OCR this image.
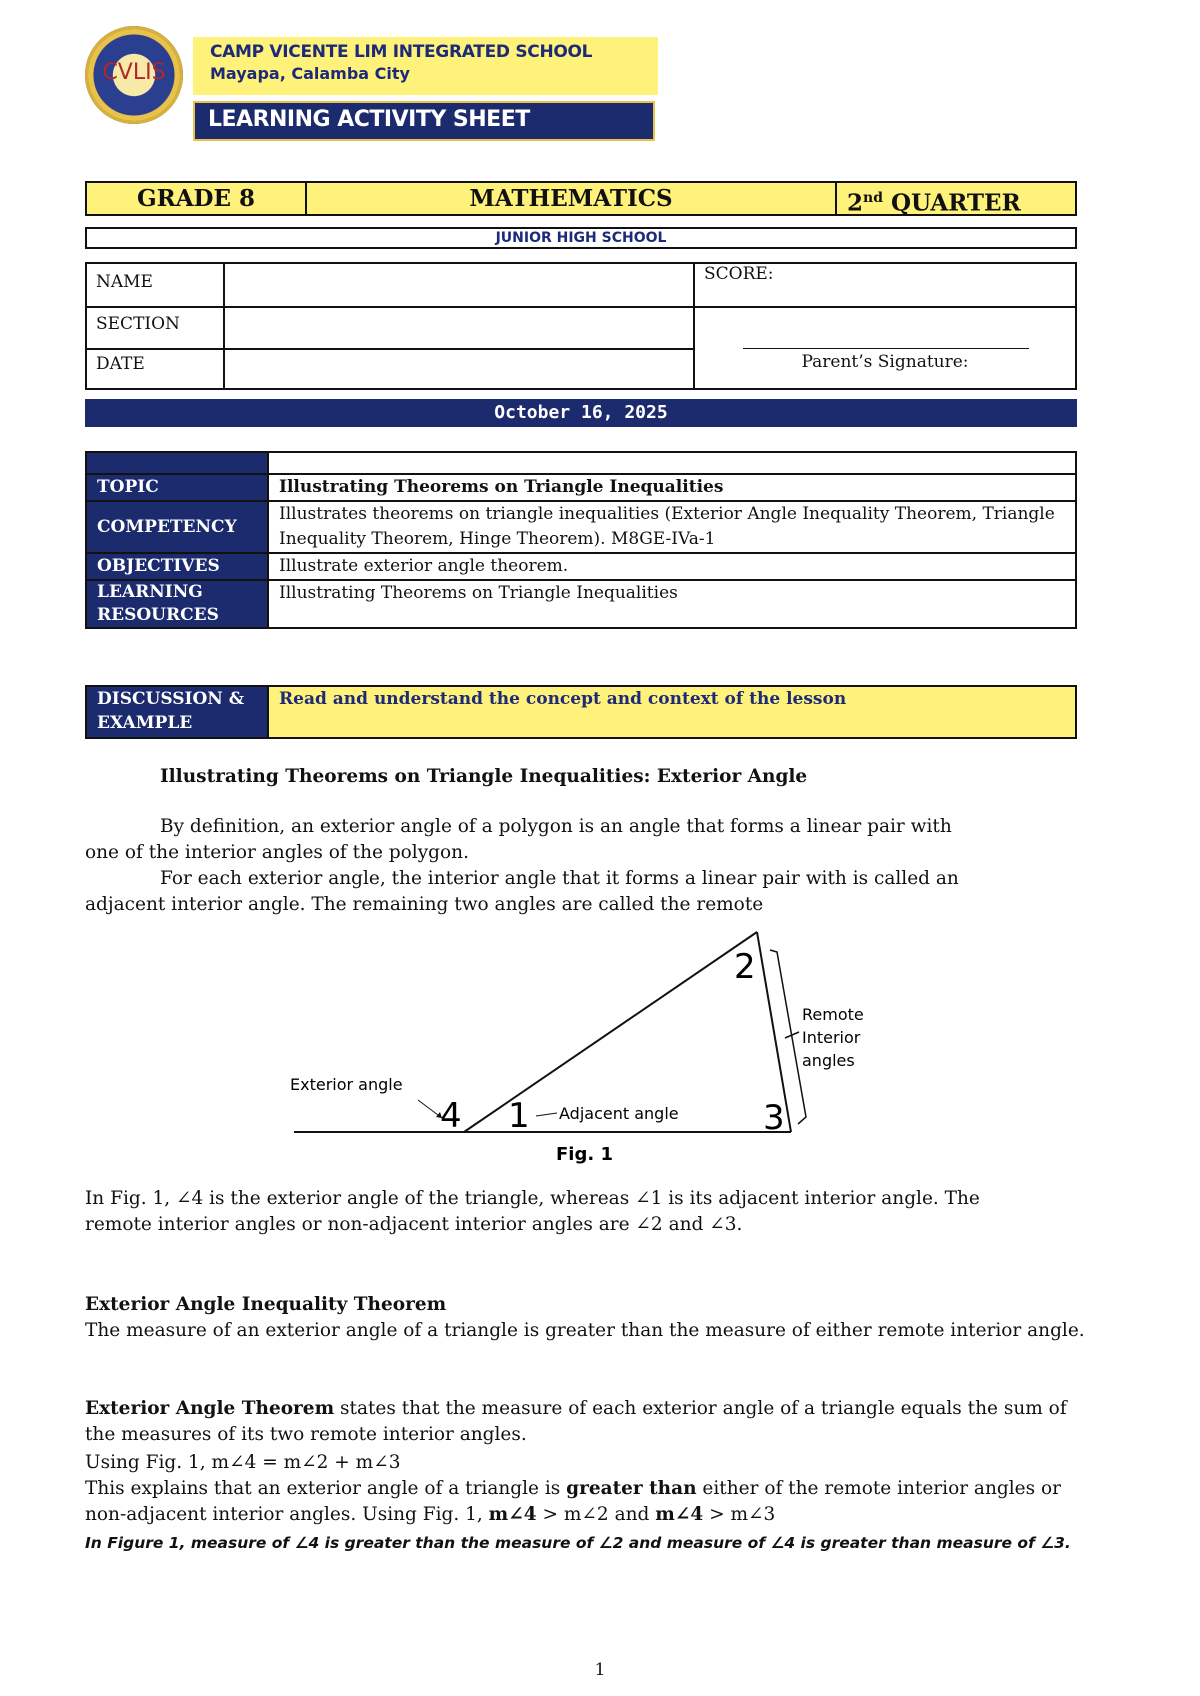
CVLIS
CAMP VICENTE LIM INTEGRATED SCHOOL
Mayapa, Calamba City
LEARNING ACTIVITY SHEET
GRADE 8	MATHEMATICS	2nd QUARTER
JUNIOR HIGH SCHOOL
NAME		SCORE:
SECTION		Parent’s Signature:

DATE		
October 16, 2025

TOPIC	Illustrating Theorems on Triangle Inequalities
COMPETENCY	Illustrates theorems on triangle inequalities (Exterior Angle Inequality Theorem, Triangle Inequality Theorem, Hinge Theorem). M8GE-IVa-1
OBJECTIVES	Illustrate exterior angle theorem.
LEARNING RESOURCES	Illustrating Theorems on Triangle Inequalities
DISCUSSION & EXAMPLE	Read and understand the concept and context of the lesson
Illustrating Theorems on Triangle Inequalities: Exterior Angle
By definition, an exterior angle of a polygon is an angle that forms a linear pair with one of the interior angles of the polygon.
For each exterior angle, the interior angle that it forms a linear pair with is called an adjacent interior angle. The remaining two angles are called the remote
Exterior angle
4 1 Adjacent angle
2
3
Remote
Interior
angles
Fig. 1
In Fig. 1, ∠4 is the exterior angle of the triangle, whereas ∠1 is its adjacent interior angle. The remote interior angles or non-adjacent interior angles are ∠2 and ∠3.
Exterior Angle Inequality Theorem
The measure of an exterior angle of a triangle is greater than the measure of either remote interior angle.
Exterior Angle Theorem states that the measure of each exterior angle of a triangle equals the sum of the measures of its two remote interior angles.
Using Fig. 1, m∠4 = m∠2 + m∠3
This explains that an exterior angle of a triangle is greater than either of the remote interior angles or non-adjacent interior angles. Using Fig. 1, m∠4 > m∠2 and m∠4 > m∠3
In Figure 1, measure of ∠4 is greater than the measure of ∠2 and measure of ∠4 is greater than measure of ∠3.
1
